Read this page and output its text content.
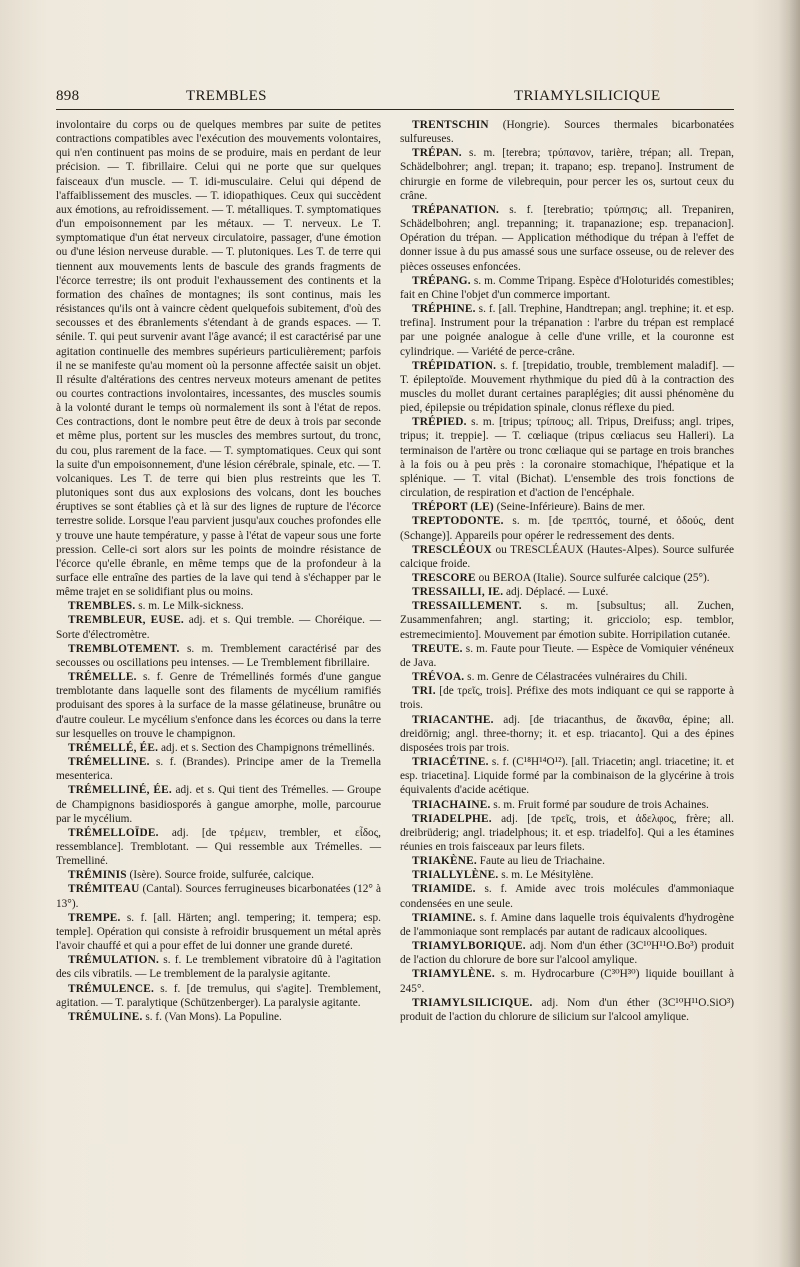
898	TREMBLES	TRIAMYLSILICIQUE

involontaire du corps ou de quelques membres par suite de petites contractions compatibles avec l'exécution des mouvements volontaires, qui n'en continuent pas moins de se produire, mais en perdant de leur précision. — T. fibrillaire. Celui qui ne porte que sur quelques faisceaux d'un muscle. — T. idi-musculaire. Celui qui dépend de l'affaiblissement des muscles. — T. idiopathiques. Ceux qui succèdent aux émotions, au refroidissement. — T. métalliques. T. symptomatiques d'un empoisonnement par les métaux. — T. nerveux. Le T. symptomatique d'un état nerveux circulatoire, passager, d'une émotion ou d'une lésion nerveuse durable. — T. plutoniques. Les T. de terre qui tiennent aux mouvements lents de bascule des grands fragments de l'écorce terrestre; ils ont produit l'exhaussement des continents et la formation des chaînes de montagnes; ils sont continus, mais les résistances qu'ils ont à vaincre cèdent quelquefois subitement, d'où des secousses et des ébranlements s'étendant à de grands espaces. — T. sénile. T. qui peut survenir avant l'âge avancé; il est caractérisé par une agitation continuelle des membres supérieurs particulièrement; parfois il ne se manifeste qu'au moment où la personne affectée saisit un objet. Il résulte d'altérations des centres nerveux moteurs amenant de petites ou courtes contractions involontaires, incessantes, des muscles soumis à la volonté durant le temps où normalement ils sont à l'état de repos. Ces contractions, dont le nombre peut être de deux à trois par seconde et même plus, portent sur les muscles des membres surtout, du tronc, du cou, plus rarement de la face. — T. symptomatiques. Ceux qui sont la suite d'un empoisonnement, d'une lésion cérébrale, spinale, etc. — T. volcaniques. Les T. de terre qui bien plus restreints que les T. plutoniques sont dus aux explosions des volcans, dont les bouches éruptives se sont établies çà et là sur des lignes de rupture de l'écorce terrestre solide. Lorsque l'eau parvient jusqu'aux couches profondes elle y trouve une haute température, y passe à l'état de vapeur sous une forte pression. Celle-ci sort alors sur les points de moindre résistance de l'écorce qu'elle ébranle, en même temps que de la profondeur à la surface elle entraîne des parties de la lave qui tend à s'échapper par le même trajet en se solidifiant plus ou moins.

TREMBLES. s. m. Le Milk-sickness.

TREMBLEUR, EUSE. adj. et s. Qui tremble. — Choréique. — Sorte d'électromètre.

TREMBLOTEMENT. s. m. Tremblement caractérisé par des secousses ou oscillations peu intenses. — Le Tremblement fibrillaire.

TRÉMELLE. s. f. Genre de Trémellinés formés d'une gangue tremblotante dans laquelle sont des filaments de mycélium ramifiés produisant des spores à la surface de la masse gélatineuse, brunâtre ou d'autre couleur. Le mycélium s'enfonce dans les écorces ou dans la terre sur lesquelles on trouve le champignon.

TRÉMELLÉ, ÉE. adj. et s. Section des Champignons trémellinés.

TRÉMELLINE. s. f. (Brandes). Principe amer de la Tremella mesenterica.

TRÉMELLINÉ, ÉE. adj. et s. Qui tient des Trémelles. — Groupe de Champignons basidiosporés à gangue amorphe, molle, parcourue par le mycélium.

TRÉMELLOÏDE. adj. [de τρέμειν, trembler, et εἶδος, ressemblance]. Tremblotant. — Qui ressemble aux Trémelles. — Tremelliné.

TRÉMINIS (Isère). Source froide, sulfurée, calcique.

TRÉMITEAU (Cantal). Sources ferrugineuses bicarbonatées (12° à 13°).

TREMPE. s. f. [all. Härten; angl. tempering; it. tempera; esp. temple]. Opération qui consiste à refroidir brusquement un métal après l'avoir chauffé et qui a pour effet de lui donner une grande dureté.

TRÉMULATION. s. f. Le tremblement vibratoire dû à l'agitation des cils vibratils. — Le tremblement de la paralysie agitante.

TRÉMULENCE. s. f. [de tremulus, qui s'agite]. Tremblement, agitation. — T. paralytique (Schützenberger). La paralysie agitante.

TRÉMULINE. s. f. (Van Mons). La Populine.

TRENTSCHIN (Hongrie). Sources thermales bicarbonatées sulfureuses.

TRÉPAN. s. m. [terebra; τρύπανον, tarière, trépan; all. Trepan, Schädelbohrer; angl. trepan; it. trapano; esp. trepano]. Instrument de chirurgie en forme de vilebrequin, pour percer les os, surtout ceux du crâne.

TRÉPANATION. s. f. [terebratio; τρύπησις; all. Trepaniren, Schädelbohren; angl. trepanning; it. trapanazione; esp. trepanacion]. Opération du trépan. — Application méthodique du trépan à l'effet de donner issue à du pus amassé sous une surface osseuse, ou de relever des pièces osseuses enfoncées.

TRÉPANG. s. m. Comme Tripang. Espèce d'Holoturidés comestibles; fait en Chine l'objet d'un commerce important.

TRÉPHINE. s. f. [all. Trephine, Handtrepan; angl. trephine; it. et esp. trefina]. Instrument pour la trépanation : l'arbre du trépan est remplacé par une poignée analogue à celle d'une vrille, et la couronne est cylindrique. — Variété de perce-crâne.

TRÉPIDATION. s. f. [trepidatio, trouble, tremblement maladif]. — T. épileptoïde. Mouvement rhythmique du pied dû à la contraction des muscles du mollet durant certaines paraplégies; dit aussi phénomène du pied, épilepsie ou trépidation spinale, clonus réflexe du pied.

TRÉPIED. s. m. [tripus; τρίπους; all. Tripus, Dreifuss; angl. tripes, tripus; it. treppie]. — T. cœliaque (tripus cœliacus seu Halleri). La terminaison de l'artère ou tronc cœliaque qui se partage en trois branches à la fois ou à peu près : la coronaire stomachique, l'hépatique et la splénique. — T. vital (Bichat). L'ensemble des trois fonctions de circulation, de respiration et d'action de l'encéphale.

TRÉPORT (LE) (Seine-Inférieure). Bains de mer.

TREPTODONTE. s. m. [de τρεπτός, tourné, et ὀδούς, dent (Schange)]. Appareils pour opérer le redressement des dents.

TRESCLÉOUX ou TRESCLÉAUX (Hautes-Alpes). Source sulfurée calcique froide.

TRESCORE ou BEROA (Italie). Source sulfurée calcique (25°).

TRESSAILLI, IE. adj. Déplacé. — Luxé.

TRESSAILLEMENT. s. m. [subsultus; all. Zuchen, Zusammenfahren; angl. starting; it. gricciolo; esp. temblor, estremecimiento]. Mouvement par émotion subite. Horripilation cutanée.

TREUTE. s. m. Faute pour Tieute. — Espèce de Vomiquier vénéneux de Java.

TRÉVOA. s. m. Genre de Célastracées vulnéraires du Chili.

TRI. [de τρεῖς, trois]. Préfixe des mots indiquant ce qui se rapporte à trois.

TRIACANTHE. adj. [de triacanthus, de ἄκανθα, épine; all. dreidörnig; angl. three-thorny; it. et esp. triacanto]. Qui a des épines disposées trois par trois.

TRIACÉTINE. s. f. (C¹⁸H¹⁴O¹²). [all. Triacetin; angl. triacetine; it. et esp. triacetina]. Liquide formé par la combinaison de la glycérine à trois équivalents d'acide acétique.

TRIACHAINE. s. m. Fruit formé par soudure de trois Achaines.

TRIADELPHE. adj. [de τρεῖς, trois, et ἀδελφος, frère; all. dreibrüderig; angl. triadelphous; it. et esp. triadelfo]. Qui a les étamines réunies en trois faisceaux par leurs filets.

TRIAKÈNE. Faute au lieu de Triachaine.

TRIALLYLÈNE. s. m. Le Mésitylène.

TRIAMIDE. s. f. Amide avec trois molécules d'ammoniaque condensées en une seule.

TRIAMINE. s. f. Amine dans laquelle trois équivalents d'hydrogène de l'ammoniaque sont remplacés par autant de radicaux alcooliques.

TRIAMYLBORIQUE. adj. Nom d'un éther (3C¹⁰H¹¹O.Bo³) produit de l'action du chlorure de bore sur l'alcool amylique.

TRIAMYLÈNE. s. m. Hydrocarbure (C³⁰H³⁰) liquide bouillant à 245°.

TRIAMYLSILICIQUE. adj. Nom d'un éther (3C¹⁰H¹¹O.SiO³) produit de l'action du chlorure de silicium sur l'alcool amylique.
